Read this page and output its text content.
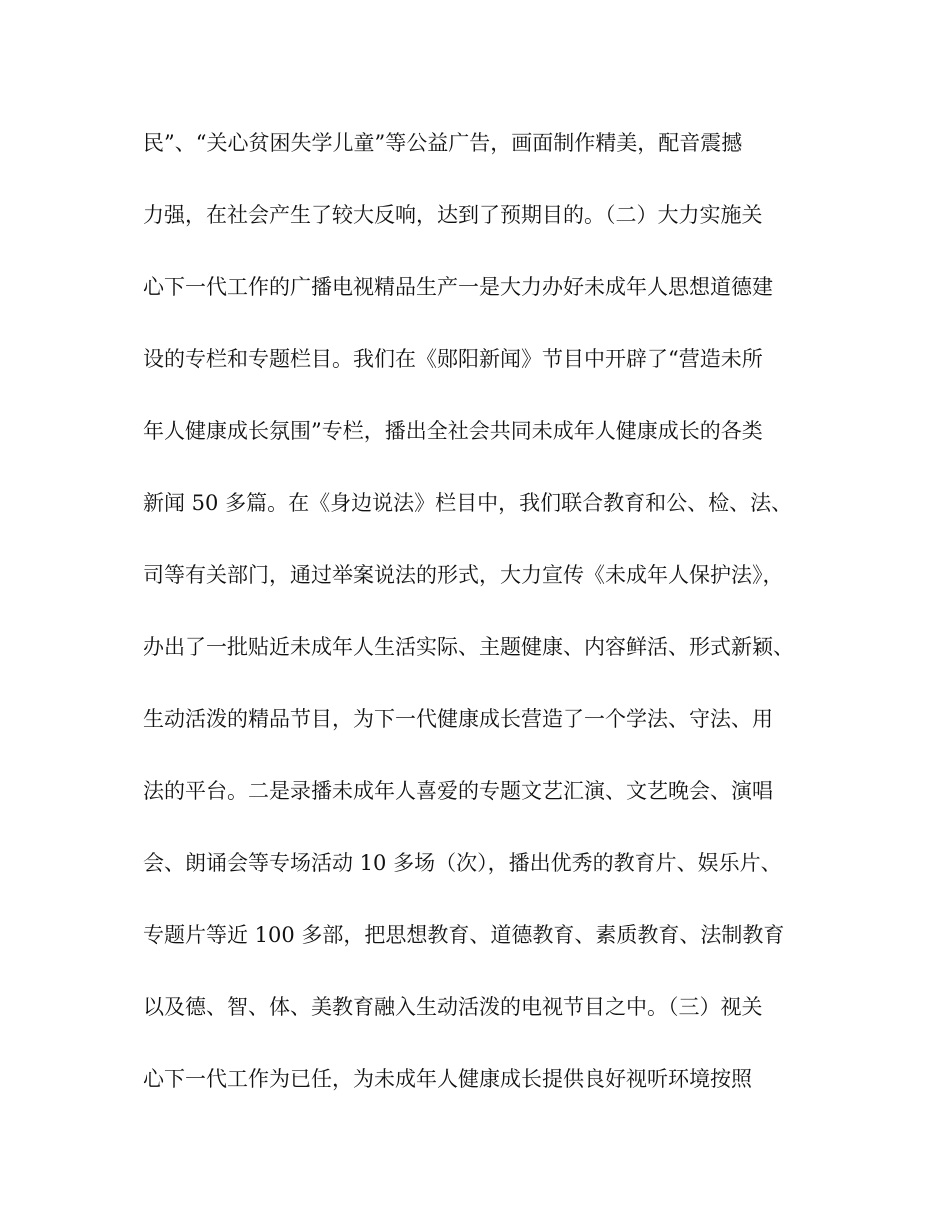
民”、“关心贫困失学儿童”等公益广告，画面制作精美，配音震撼
力强，在社会产生了较大反响，达到了预期目的。（二）大力实施关
心下一代工作的广播电视精品生产一是大力办好未成年人思想道德建
设的专栏和专题栏目。我们在《郧阳新闻》节目中开辟了“营造未所
年人健康成长氛围”专栏，播出全社会共同未成年人健康成长的各类
新闻 50 多篇。在《身边说法》栏目中，我们联合教育和公、检、法、
司等有关部门，通过举案说法的形式，大力宣传《未成年人保护法》，
办出了一批贴近未成年人生活实际、主题健康、内容鲜活、形式新颖、
生动活泼的精品节目，为下一代健康成长营造了一个学法、守法、用
法的平台。二是录播未成年人喜爱的专题文艺汇演、文艺晚会、演唱
会、朗诵会等专场活动 10 多场（次），播出优秀的教育片、娱乐片、
专题片等近 100 多部，把思想教育、道德教育、素质教育、法制教育
以及德、智、体、美教育融入生动活泼的电视节目之中。（三）视关
心下一代工作为已任，为未成年人健康成长提供良好视听环境按照
